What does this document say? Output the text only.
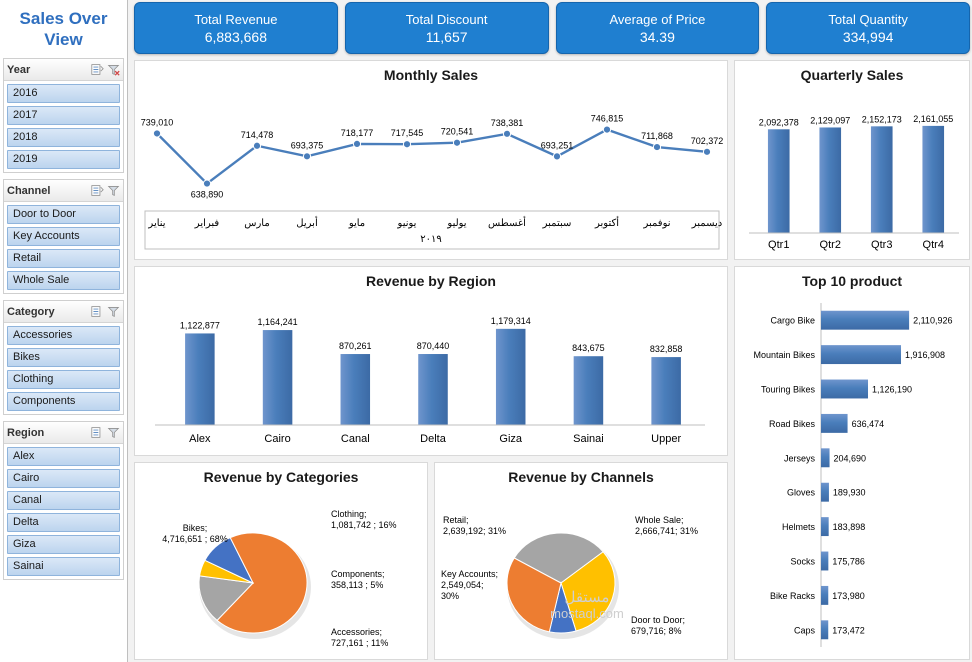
Sales Over
View
Year
2016
2017
2018
2019
Channel
Door to Door
Key Accounts
Retail
Whole Sale
Category
Accessories
Bikes
Clothing
Components
Region
Alex
Cairo
Canal
Delta
Giza
Sainai
Total Revenue
6,883,668
Total Discount
11,657
Average of Price
34.39
Total Quantity
334,994
Monthly Sales
739,010
638,890
714,478
693,375
718,177 717,545 720,541
738,381
693,251
746,815
711,868 702,372
يناير	فبراير	مارس	أبريل	مايو	يونيو	يوليو أغسطس سبتمبر أكتوبر نوفمبر ديسمبر
٢٠١٩
Quarterly Sales
2,092,378
Qtr1
2,129,097
Qtr2
2,152,173
Qtr3
2,161,055
Qtr4
Revenue by Region
1,122,877
Alex
1,164,241
Cairo
870,261
Canal
870,440
Delta
1,179,314
Giza
843,675
Sainai
832,858
Upper
Top 10 product
Cargo Bike	2,110,926
Mountain Bikes	1,916,908
Touring Bikes	1,126,190
Road Bikes	636,474
Jerseys 204,690
Gloves 189,930
Helmets 183,898
Socks 175,786
Bike Racks 173,980
Caps 173,472
Revenue by Categories
Bikes;
4,716,651 ; 68%
Clothing;
1,081,742 ; 16%
Components;
358,113 ; 5%
Accessories;
727,161 ; 11%
Revenue by Channels
Retail;
2,639,192; 31%
Whole Sale;
2,666,741; 31%
Door to Door;
679,716; 8%
Key Accounts;
2,549,054;
30%	مستقل
mostaql.com
